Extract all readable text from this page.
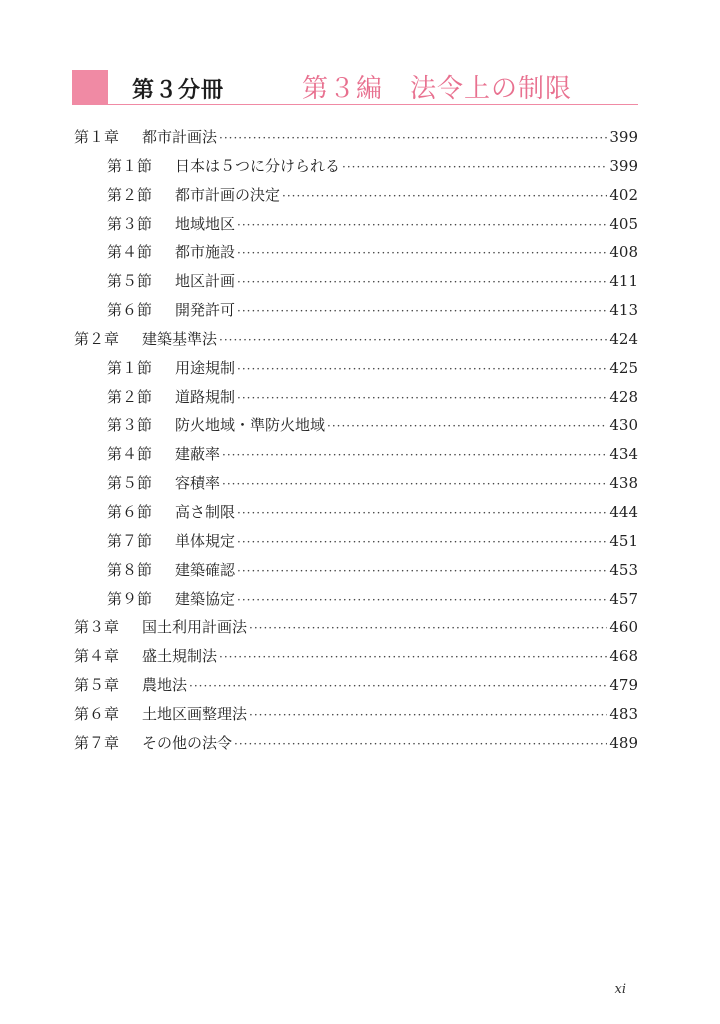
第３分冊	第３編　法令上の制限
第１章 都市計画法 ·····	399
第１節 日本は５つに分けられる ·····	399
第２節 都市計画の決定 ·····	402
第３節 地域地区 ·····	405
第４節 都市施設 ·····	408
第５節 地区計画 ·····	411
第６節 開発許可 ·····	413
第２章 建築基準法 ·····	424
第１節 用途規制 ·····	425
第２節 道路規制 ·····	428
第３節 防火地域・準防火地域 ·····	430
第４節 建蔽率 ·····	434
第５節 容積率 ·····	438
第６節 高さ制限 ·····	444
第７節 単体規定 ·····	451
第８節 建築確認 ·····	453
第９節 建築協定 ·····	457
第３章 国土利用計画法 ·····	460
第４章 盛土規制法 ·····	468
第５章 農地法 ·····	479
第６章 土地区画整理法 ·····	483
第７章 その他の法令 ·····	489
xi
